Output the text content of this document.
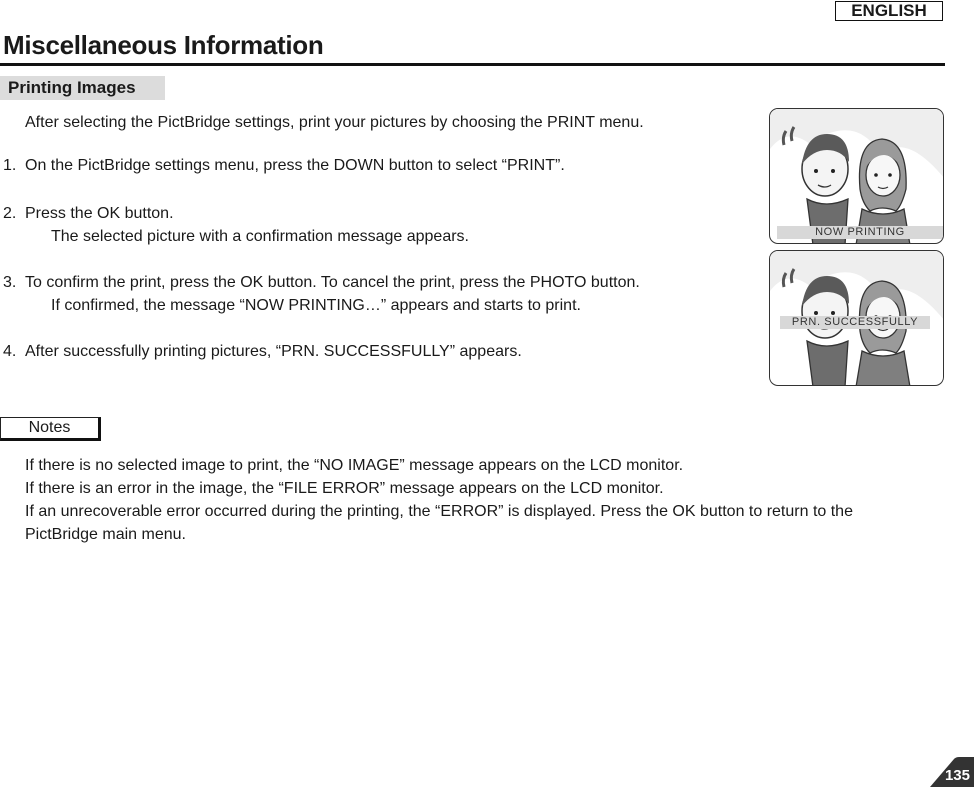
ENGLISH
Miscellaneous Information
Printing Images
After selecting the PictBridge settings, print your pictures by choosing the PRINT menu.
1. On the PictBridge settings menu, press the DOWN button to select “PRINT”.
2. Press the OK button.
The selected picture with a confirmation message appears.
3. To confirm the print, press the OK button. To cancel the print, press the PHOTO button.
If confirmed, the message “NOW PRINTING…” appears and starts to print.
4. After successfully printing pictures, “PRN. SUCCESSFULLY” appears.
NOW PRINTING
PRN. SUCCESSFULLY
Notes
If there is no selected image to print, the “NO IMAGE” message appears on the LCD monitor.
If there is an error in the image, the “FILE ERROR” message appears on the LCD monitor.
If an unrecoverable error occurred during the printing, the “ERROR” is displayed. Press the OK button to return to the
PictBridge main menu.
135
